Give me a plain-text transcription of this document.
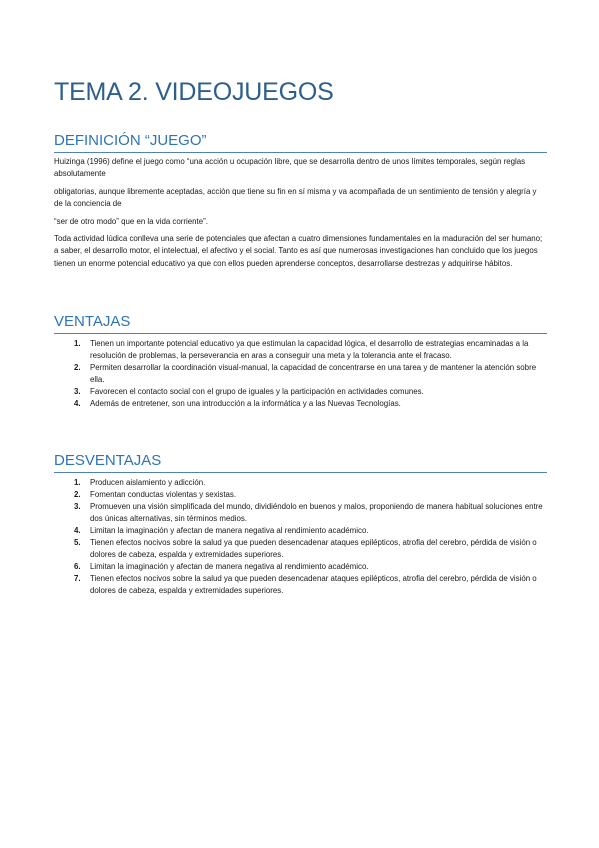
TEMA 2. VIDEOJUEGOS
DEFINICIÓN “JUEGO”

Huizinga (1996) define el juego como “una acción u ocupación libre, que se desarrolla dentro de unos límites temporales, según reglas absolutamente

obligatorias, aunque libremente aceptadas, acción que tiene su fin en sí misma y va acompañada de un sentimiento de tensión y alegría y de la conciencia de

“ser de otro modo” que en la vida corriente”.

Toda actividad lúdica conlleva una serie de potenciales que afectan a cuatro dimensiones fundamentales en la maduración del ser humano; a saber, el desarrollo motor, el intelectual, el afectivo y el social. Tanto es así que numerosas investigaciones han concluido que los juegos tienen un enorme potencial educativo ya que con ellos pueden aprenderse conceptos, desarrollarse destrezas y adquirirse hábitos.

VENTAJAS
1. Tienen un importante potencial educativo ya que estimulan la capacidad lógica, el desarrollo de estrategias encaminadas a la resolución de problemas, la perseverancia en aras a conseguir una meta y la tolerancia ante el fracaso.
2. Permiten desarrollar la coordinación visual-manual, la capacidad de concentrarse en una tarea y de mantener la atención sobre ella.
3. Favorecen el contacto social con el grupo de iguales y la participación en actividades comunes.
4. Además de entretener, son una introducción a la informática y a las Nuevas Tecnologías.
DESVENTAJAS
1. Producen aislamiento y adicción.
2. Fomentan conductas violentas y sexistas.
3. Promueven una visión simplificada del mundo, dividiéndolo en buenos y malos, proponiendo de manera habitual soluciones entre dos únicas alternativas, sin términos medios.
4. Limitan la imaginación y afectan de manera negativa al rendimiento académico.
5. Tienen efectos nocivos sobre la salud ya que pueden desencadenar ataques epilépticos, atrofia del cerebro, pérdida de visión o dolores de cabeza, espalda y extremidades superiores.
6. Limitan la imaginación y afectan de manera negativa al rendimiento académico.
7. Tienen efectos nocivos sobre la salud ya que pueden desencadenar ataques epilépticos, atrofia del cerebro, pérdida de visión o dolores de cabeza, espalda y extremidades superiores.
